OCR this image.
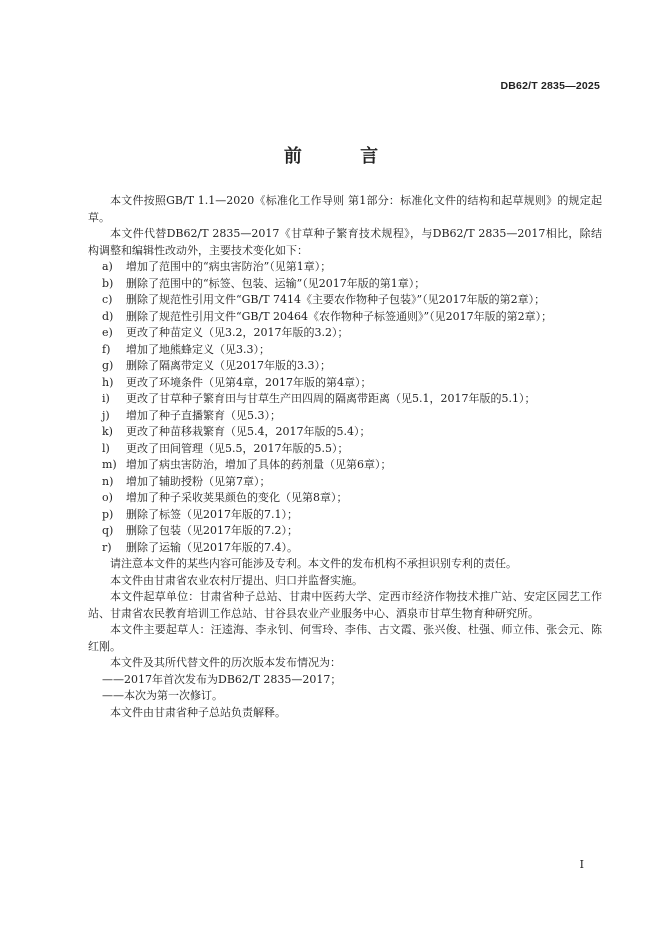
DB62/T 2835—2025
前 言

本文件按照GB/T 1.1—2020《标准化工作导则 第1部分：标准化文件的结构和起草规则》的规定起草。

本文件代替DB62/T 2835—2017《甘草种子繁育技术规程》，与DB62/T 2835—2017相比，除结构调整和编辑性改动外，主要技术变化如下：

a)	增加了范围中的“病虫害防治”（见第1章）；
b)	删除了范围中的“标签、包装、运输”（见2017年版的第1章）；
c)	删除了规范性引用文件“GB/T 7414《主要农作物种子包装》”（见2017年版的第2章）；
d)	删除了规范性引用文件“GB/T 20464《农作物种子标签通则》”（见2017年版的第2章）；
e)	更改了种苗定义（见3.2，2017年版的3.2）；
f)	增加了地熊蜂定义（见3.3）；
g)	删除了隔离带定义（见2017年版的3.3）；
h)	更改了环境条件（见第4章，2017年版的第4章）；
i)	更改了甘草种子繁育田与甘草生产田四周的隔离带距离（见5.1，2017年版的5.1）；
j)	增加了种子直播繁育（见5.3）；
k)	更改了种苗移栽繁育（见5.4，2017年版的5.4）；
l)	更改了田间管理（见5.5，2017年版的5.5）；
m) 增加了病虫害防治，增加了具体的药剂量（见第6章）；
n)	增加了辅助授粉（见第7章）；
o)	增加了种子采收荚果颜色的变化（见第8章）；
p)	删除了标签（见2017年版的7.1）；
q)	删除了包装（见2017年版的7.2）；
r)	删除了运输（见2017年版的7.4）。

请注意本文件的某些内容可能涉及专利。本文件的发布机构不承担识别专利的责任。

本文件由甘肃省农业农村厅提出、归口并监督实施。

本文件起草单位：甘肃省种子总站、甘肃中医药大学、定西市经济作物技术推广站、安定区园艺工作站、甘肃省农民教育培训工作总站、甘谷县农业产业服务中心、酒泉市甘草生物育种研究所。

本文件主要起草人：汪逵海、李永钊、何雪玲、李伟、古文霞、张兴俊、杜强、师立伟、张会元、陈红刚。

本文件及其所代替文件的历次版本发布情况为：

——2017年首次发布为DB62/T 2835—2017；

——本次为第一次修订。

本文件由甘肃省种子总站负责解释。

I
